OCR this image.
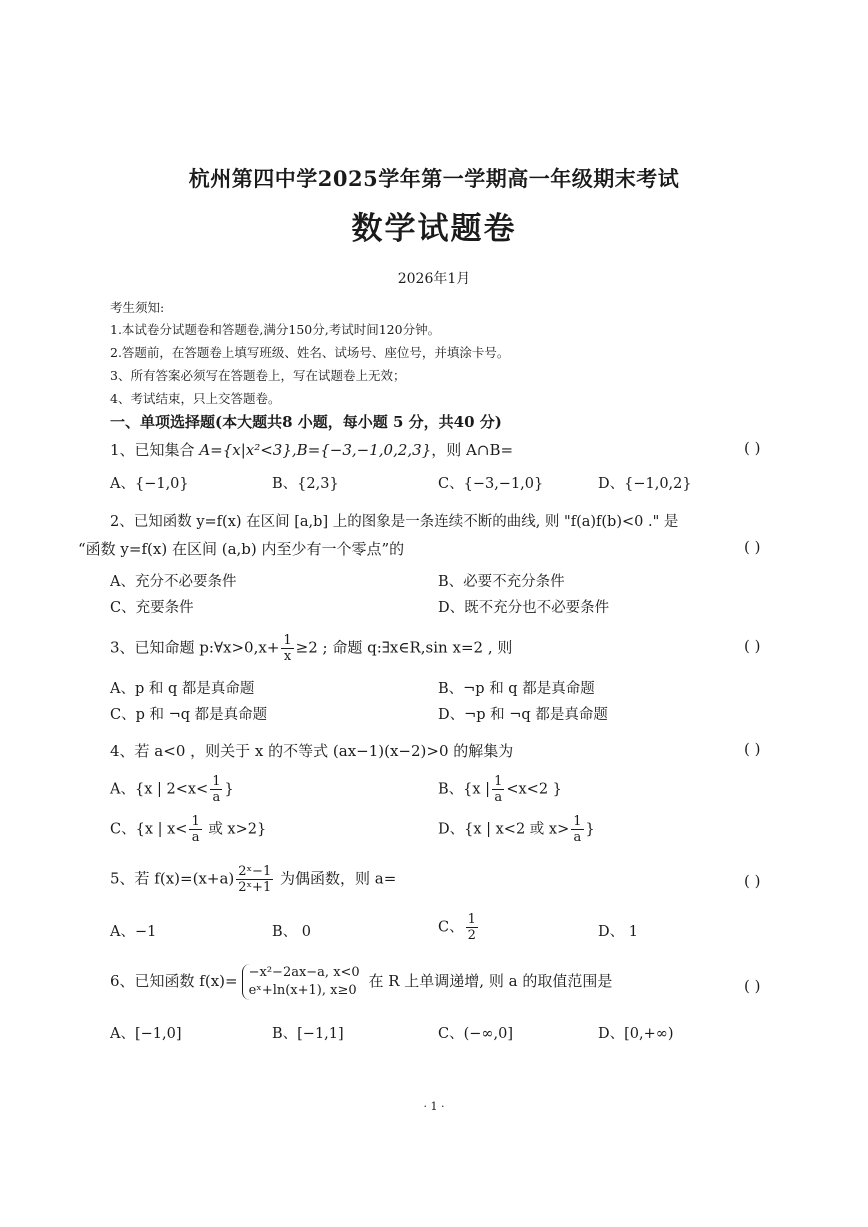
杭州第四中学2025学年第一学期高一年级期末考试
数学试题卷
2026年1月
考生须知:
1.本试卷分试题卷和答题卷,满分150分,考试时间120分钟。
2.答题前，在答题卷上填写班级、姓名、试场号、座位号，并填涂卡号。
3、所有答案必须写在答题卷上，写在试题卷上无效；
4、考试结束，只上交答题卷。
一、单项选择题(本大题共8 小题，每小题 5 分，共40 分)
1、已知集合 A={x|x²<3},B={−3,−1,0,2,3}，则 A∩B=	( )
A、{−1,0}	B、{2,3}	C、{−3,−1,0}	D、{−1,0,2}
2、已知函数 y=f(x) 在区间 [a,b] 上的图象是一条连续不断的曲线, 则 "f(a)f(b)<0 ." 是
“函数 y=f(x) 在区间 (a,b) 内至少有一个零点”的	( )
A、充分不必要条件	B、必要不充分条件
C、充要条件	D、既不充分也不必要条件
3、已知命题 p:∀x>0,x+ $\frac{1}{x} \ge 2$ ; 命题 q:∃x∈R,sin x=2 , 则	( )
A、p 和 q 都是真命题	B、¬p 和 q 都是真命题
C、p 和 ¬q 都是真命题	D、¬p 和 ¬q 都是真命题
4、若 a<0 ，则关于 x 的不等式 (ax−1)(x−2)>0 的解集为	( )
A、{x | $2<x< \frac{1}{a}$ }	B、{x | $\frac{1}{a} <x<2$ }
C、{x | $x< \frac{1}{a}$ 或 x>2}	D、{x | x<2 或 $x> \frac{1}{a}$ }
5、若 $f(x)=(x+a) \frac{\text{2ˣ−1}}{\text{2ˣ+1}}$ 为偶函数，则 a=	( )
A、−1	B、 0	C、 $\frac{1}{2}$	D、 1
6、已知函数 f(x)= −x²−2ax−a, x<0
eˣ+ln(x+1), x≥0
在 R 上单调递增, 则 a 的取值范围是	( )
A、[−1,0]	B、[−1,1]	C、(−∞,0]	D、[0,+∞)
· 1 ·
